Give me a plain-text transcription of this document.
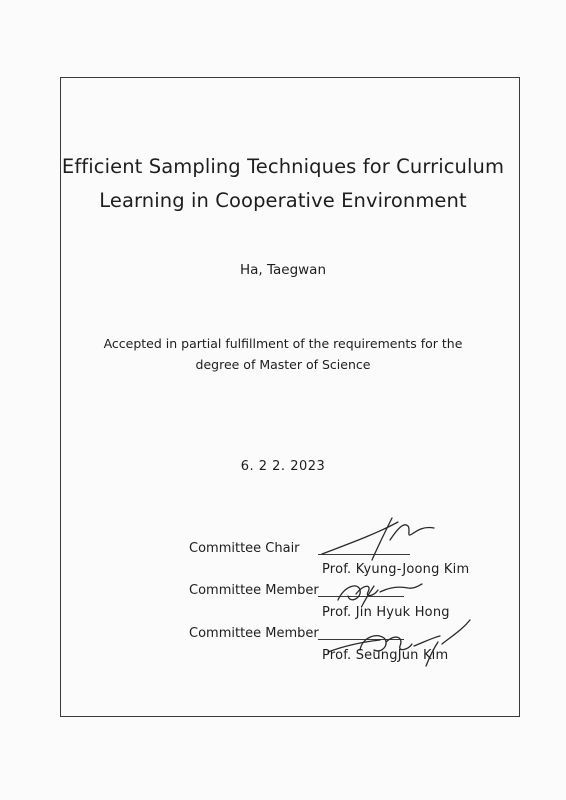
Efficient Sampling Techniques for Curriculum
Learning in Cooperative Environment
Ha, Taegwan
Accepted in partial fulfillment of the requirements for the
degree of Master of Science
6. 2 2. 2023
Committee Chair
Prof. Kyung-Joong Kim
Committee Member
Prof. Jin Hyuk Hong
Committee Member
Prof. SeungJun Kim
